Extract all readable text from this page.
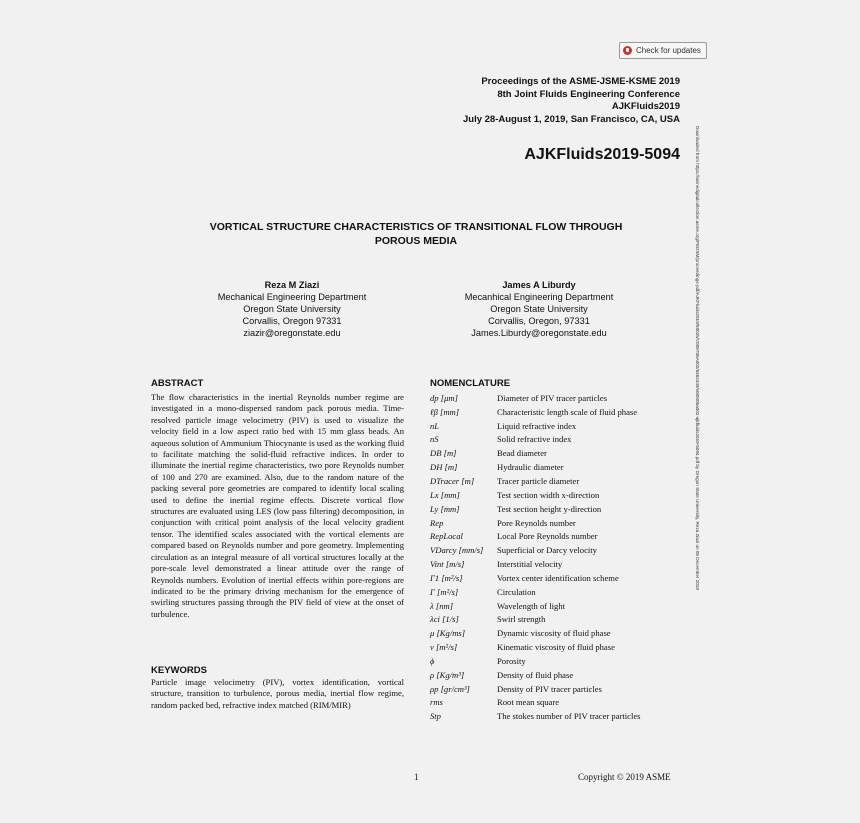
Check for updates
Proceedings of the ASME-JSME-KSME 2019
8th Joint Fluids Engineering Conference
AJKFluids2019
July 28-August 1, 2019, San Francisco, CA, USA
AJKFluids2019-5094	Downloaded from https://asmedigitalcollection.asme.org/FEDSM/proceedings-pdf/AJKFluids2019/59025/V005T06A002/6462449/v005t06a002-ajkfluids2019-5094.pdf by Oregon State University, Reza Ziazi on 05 December 2019
VORTICAL STRUCTURE CHARACTERISTICS OF TRANSITIONAL FLOW THROUGH
POROUS MEDIA
Reza M Ziazi
Mechanical Engineering Department
Oregon State University
Corvallis, Oregon 97331
ziazir@oregonstate.edu
James A Liburdy
Mecanhical Engineering Department
Oregon State University
Corvallis, Oregon, 97331
James.Liburdy@oregonstate.edu
ABSTRACT
The flow characteristics in the inertial Reynolds number regime are investigated in a mono-dispersed random pack porous media. Time-resolved particle image velocimetry (PIV) is used to visualize the velocity field in a low aspect ratio bed with 15 mm glass beads. An aqueous solution of Ammunium Thiocynante is used as the working fluid to facilitate matching the solid-fluid refractive indices. In order to illuminate the inertial regime characteristics, two pore Reynolds number of 100 and 270 are examined. Also, due to the random nature of the packing several pore geometries are compared to identify local scaling used to define the inertial regime effects. Discrete vortical flow structures are evaluated using LES (low pass filtering) decomposition, in conjunction with critical point analysis of the local velocity gradient tensor. The identified scales associated with the vortical elements are compared based on Reynolds number and pore geometry. Implementing circulation as an integral measure of all vortical structures locally at the pore-scale level demonstrated a linear attitude over the range of Reynolds numbers. Evolution of inertial effects within pore-regions are indicated to be the primary driving mechanism for the emergence of swirling structures passing through the PIV field of view at the onset of turbulence.
KEYWORDS
Particle image velocimetry (PIV), vortex identification, vortical structure, transition to turbulence, porous media, inertial flow regime, random packed bed, refractive index matched (RIM/MIR)
NOMENCLATURE
dp [μm]	Diameter of PIV tracer particles
ℓβ [mm]	Characteristic length scale of fluid phase
nL	Liquid refractive index
nS	Solid refractive index
DB [m]	Bead diameter
DH [m]	Hydraulic diameter
DTracer [m]	Tracer particle diameter
Lx [mm]	Test section width x-direction
Ly [mm]	Test section height y-direction
Rep	Pore Reynolds number
RepLocal	Local Pore Reynolds number
VDarcy [mm/s]	Superficial or Darcy velocity
Vint [m/s]	Interstitial velocity
Γ1 [m²/s]	Vortex center identification scheme
Γ [m²/s]	Circulation
λ [nm]	Wavelength of light
λci [1/s]	Swirl strength
μ [Kg/ms]	Dynamic viscosity of fluid phase
ν [m²/s]	Kinematic viscosity of fluid phase
ϕ	Porosity
ρ [Kg/m³]	Density of fluid phase
ρp [gr/cm³]	Density of PIV tracer particles
rms	Root mean square
Stp	The stokes number of PIV tracer particles
1	Copyright © 2019 ASME
